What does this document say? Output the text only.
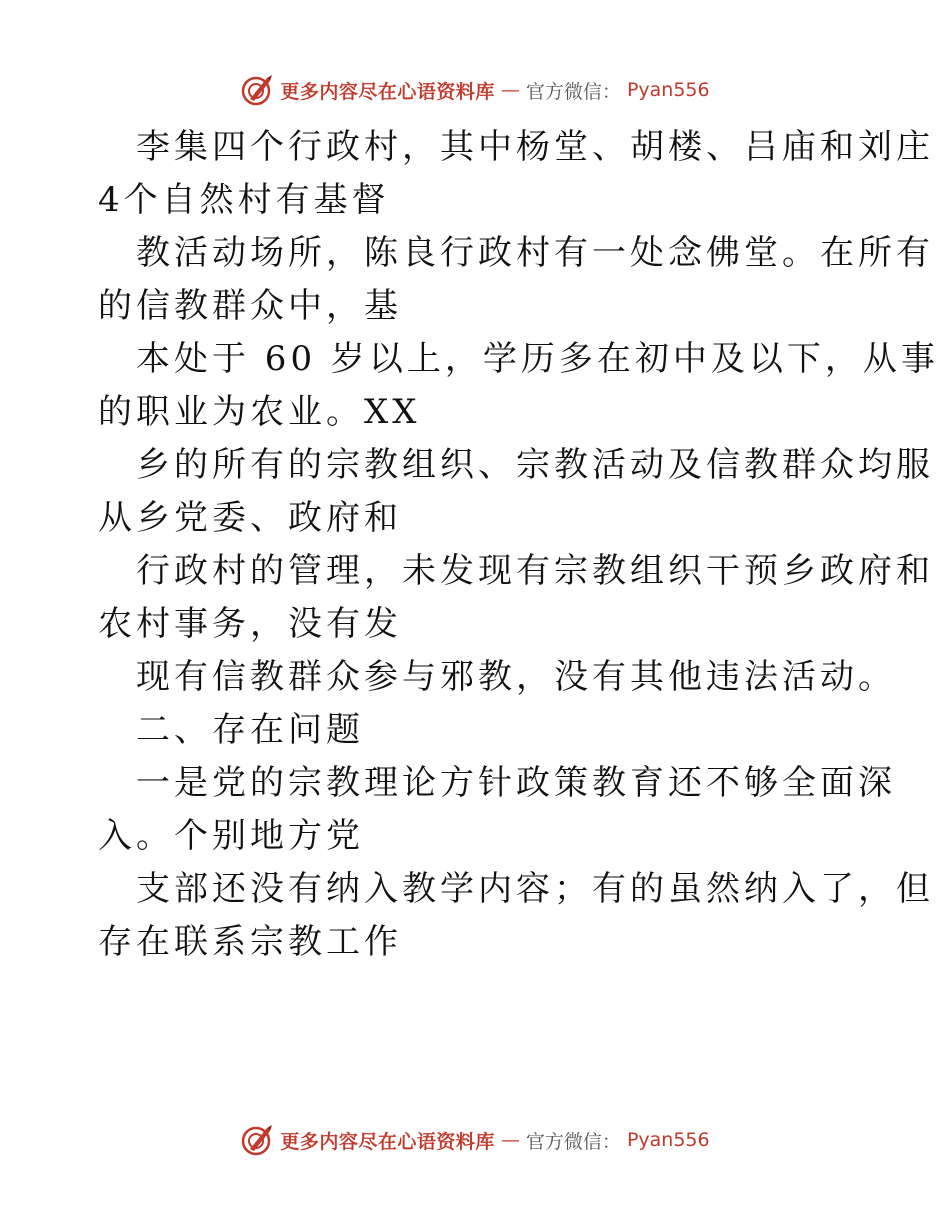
更多内容尽在心语资料库 — 官方微信： Pyan556
李集四个行政村，其中杨堂、胡楼、吕庙和刘庄
4个自然村有基督
教活动场所，陈良行政村有一处念佛堂。在所有
的信教群众中，基
本处于 60 岁以上，学历多在初中及以下，从事
的职业为农业。XX
乡的所有的宗教组织、宗教活动及信教群众均服
从乡党委、政府和
行政村的管理，未发现有宗教组织干预乡政府和
农村事务，没有发
现有信教群众参与邪教，没有其他违法活动。
二、存在问题
一是党的宗教理论方针政策教育还不够全面深
入。个别地方党
支部还没有纳入教学内容；有的虽然纳入了，但
存在联系宗教工作
更多内容尽在心语资料库 — 官方微信： Pyan556
